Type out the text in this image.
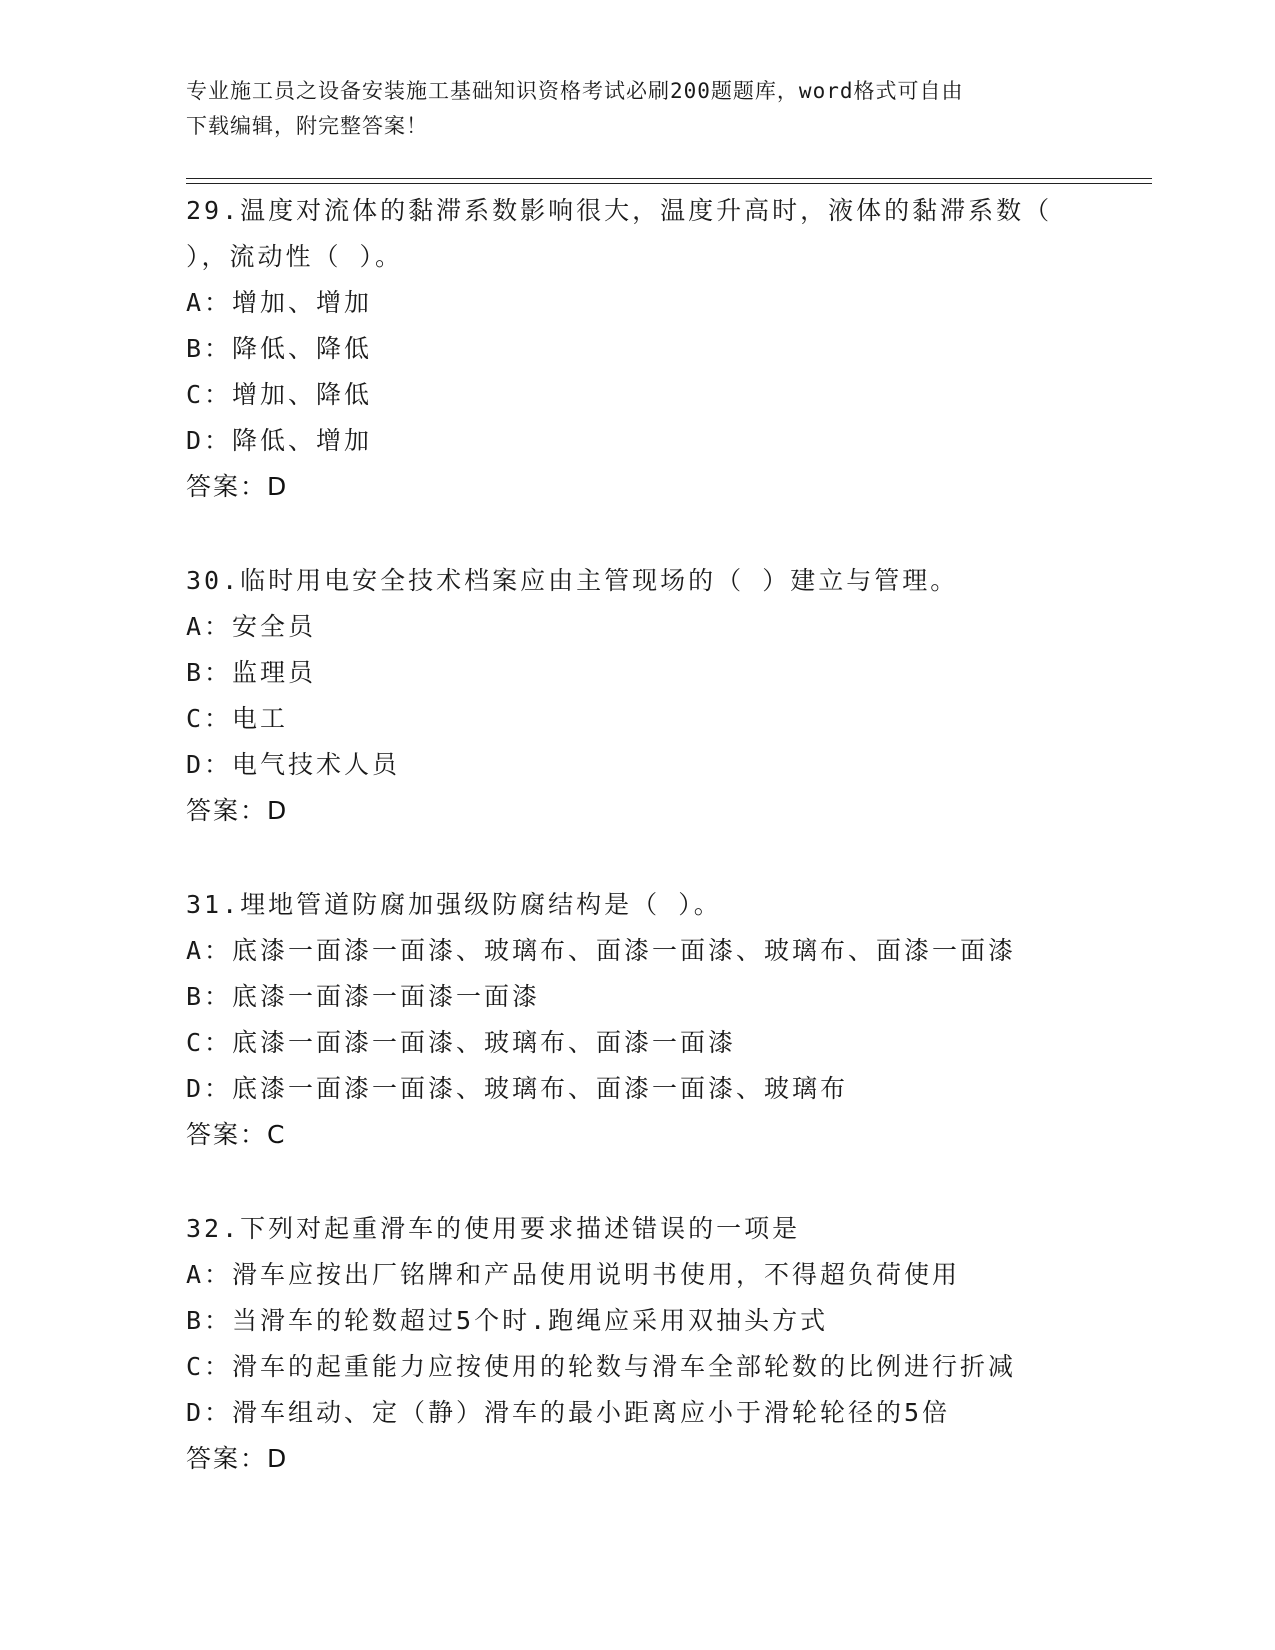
专业施工员之设备安装施工基础知识资格考试必刷200题题库，word格式可自由
下载编辑，附完整答案！
29.温度对流体的黏滞系数影响很大，温度升高时，液体的黏滞系数（
），流动性（ ）。
A：增加、增加
B：降低、降低
C：增加、降低
D：降低、增加
答案：D
30.临时用电安全技术档案应由主管现场的（ ）建立与管理。
A：安全员
B：监理员
C：电工
D：电气技术人员
答案：D
31.埋地管道防腐加强级防腐结构是（ ）。
A：底漆一面漆一面漆、玻璃布、面漆一面漆、玻璃布、面漆一面漆
B：底漆一面漆一面漆一面漆
C：底漆一面漆一面漆、玻璃布、面漆一面漆
D：底漆一面漆一面漆、玻璃布、面漆一面漆、玻璃布
答案：C
32.下列对起重滑车的使用要求描述错误的一项是
A：滑车应按出厂铭牌和产品使用说明书使用，不得超负荷使用
B：当滑车的轮数超过5个时.跑绳应采用双抽头方式
C：滑车的起重能力应按使用的轮数与滑车全部轮数的比例进行折减
D：滑车组动、定（静）滑车的最小距离应小于滑轮轮径的5倍
答案：D
